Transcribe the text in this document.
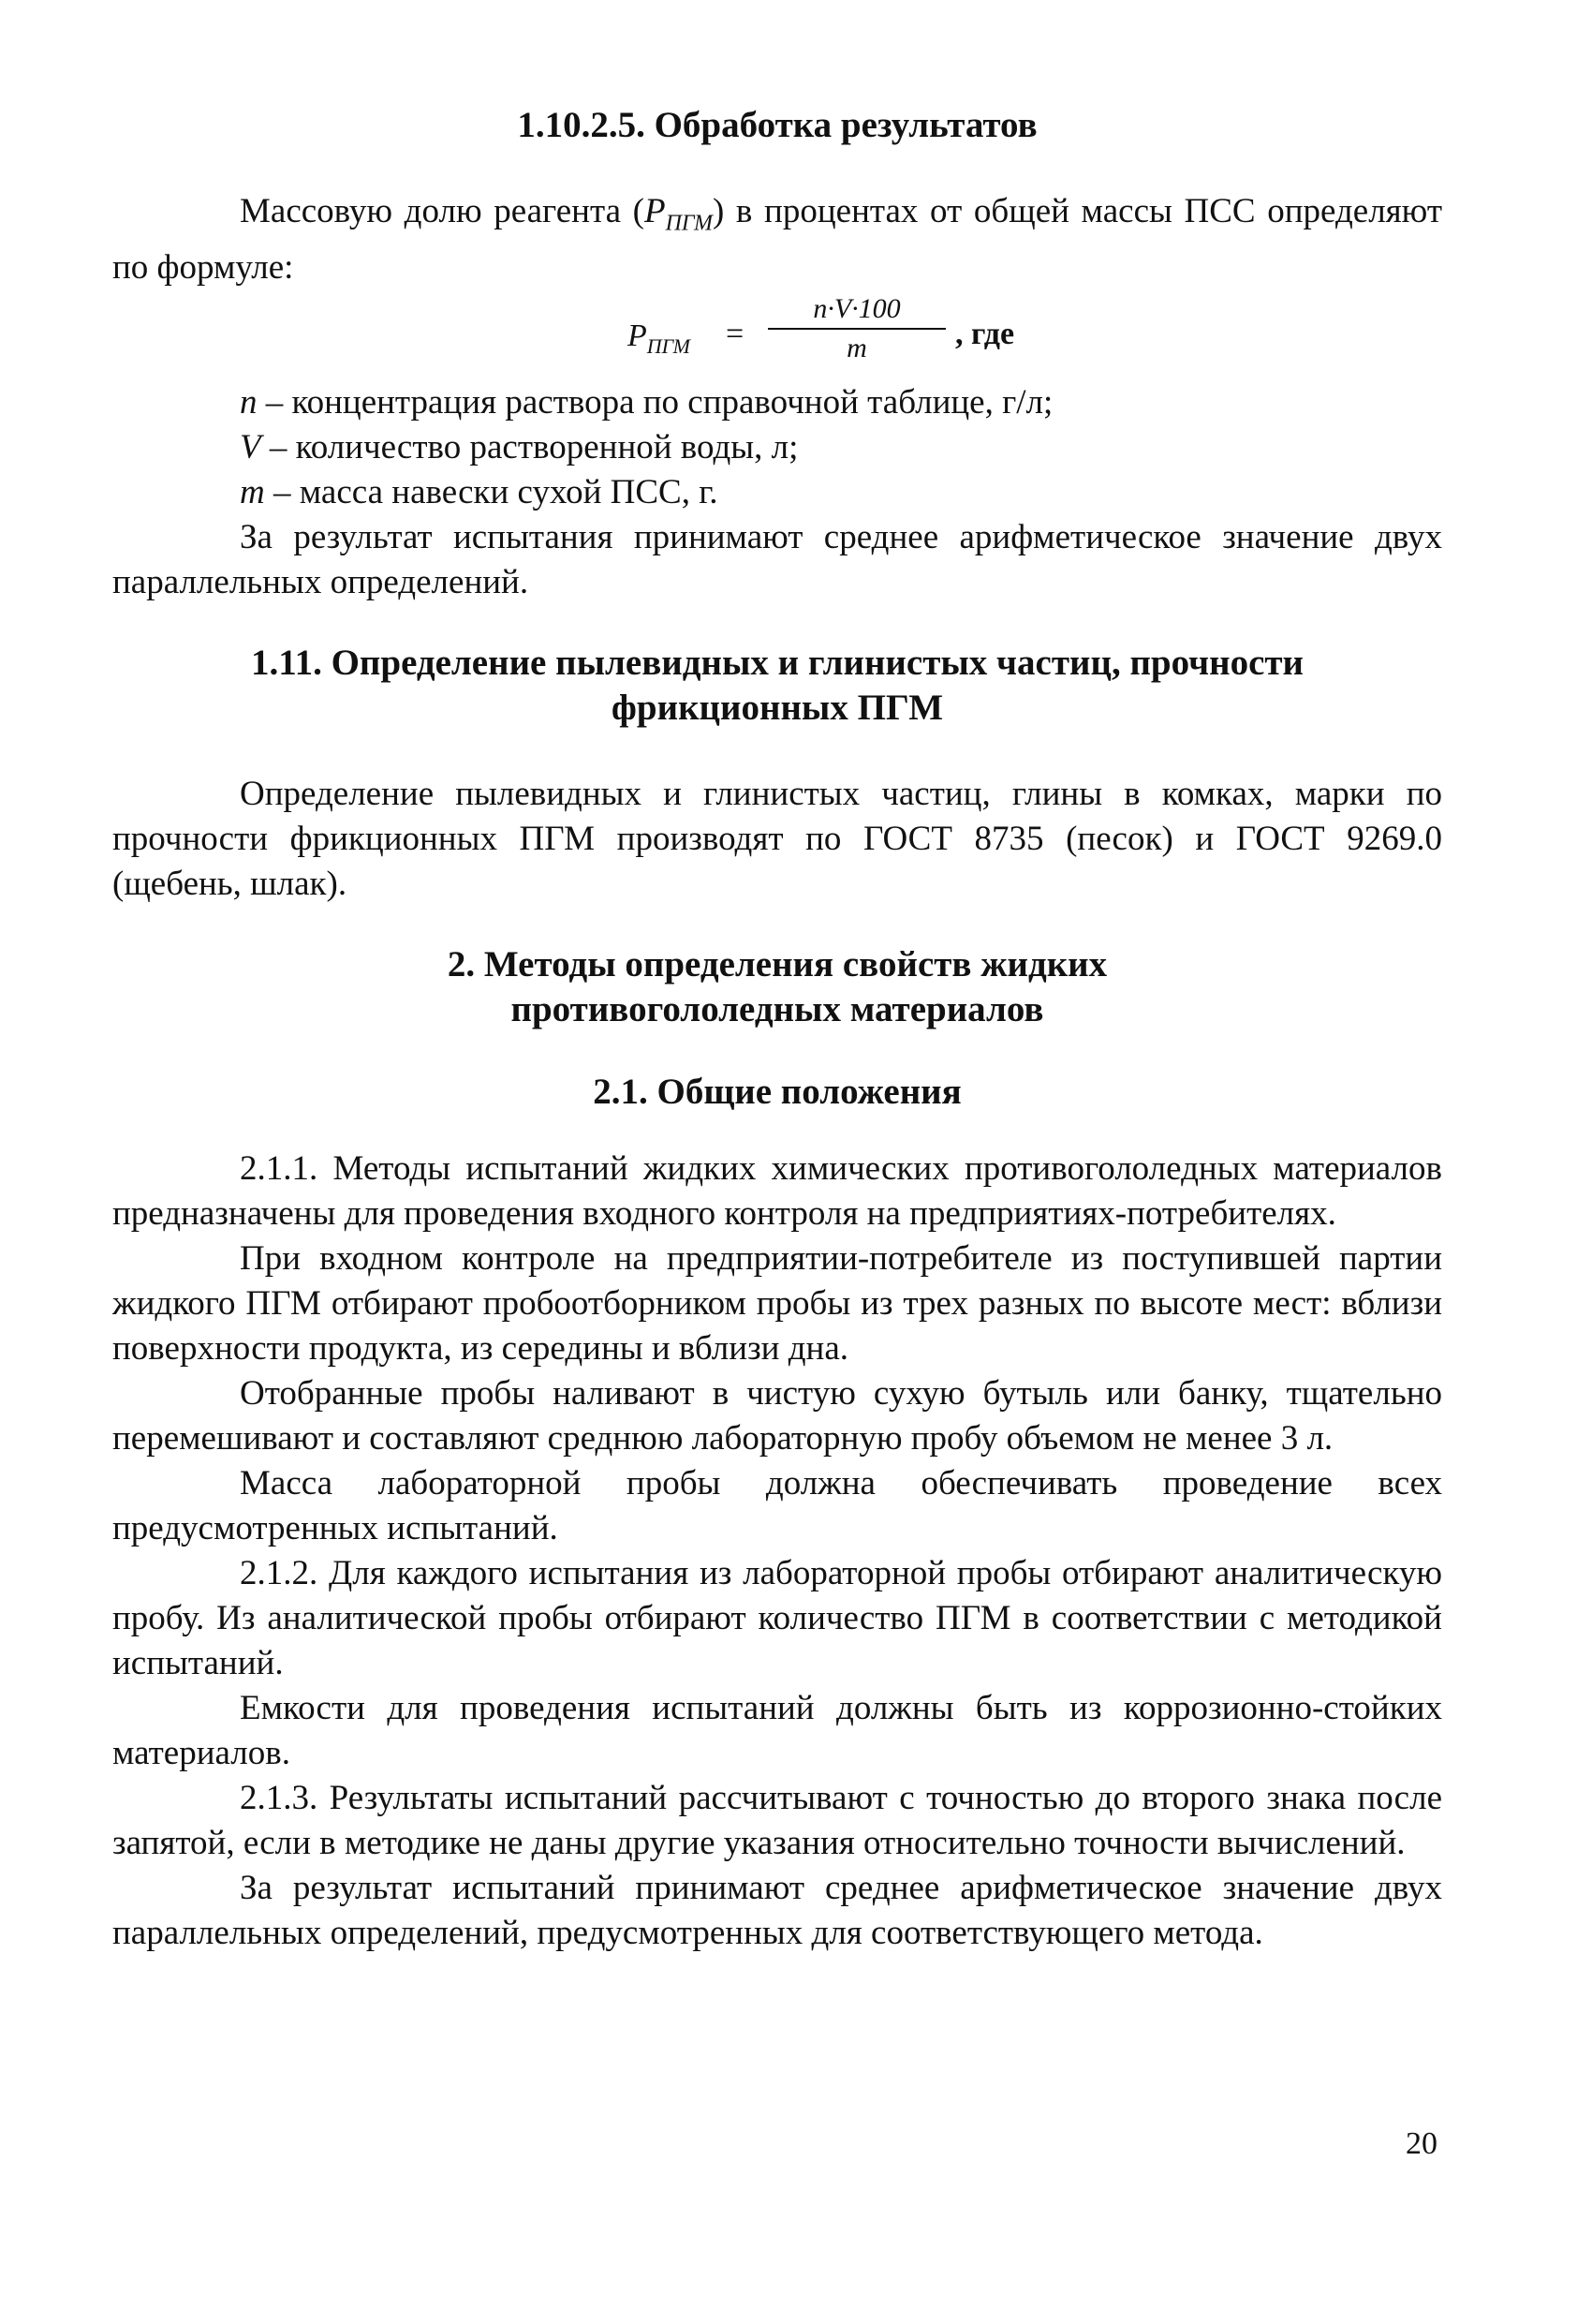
1.10.2.5. Обработка результатов

Массовую долю реагента $(Р_{ПГМ})$ в процентах от общей массы ПСС определяют по формуле:

$Р_{ПГМ} = \frac{n\cdot V\cdot 100}{m}$ , где

n – концентрация раствора по справочной таблице, г/л;

V – количество растворенной воды, л;

m – масса навески сухой ПСС, г.

За результат испытания принимают среднее арифметическое значение двух параллельных определений.

1.11. Определение пылевидных и глинистых частиц, прочности
фрикционных ПГМ

Определение пылевидных и глинистых частиц, глины в комках, марки по прочности фрикционных ПГМ производят по ГОСТ 8735 (песок) и ГОСТ 9269.0 (щебень, шлак).

2. Методы определения свойств жидких
противогололедных материалов
2.1. Общие положения

2.1.1. Методы испытаний жидких химических противогололедных материалов предназначены для проведения входного контроля на предприятиях-потребителях.

При входном контроле на предприятии-потребителе из поступившей партии жидкого ПГМ отбирают пробоотборником пробы из трех разных по высоте мест: вблизи поверхности продукта, из середины и вблизи дна.

Отобранные пробы наливают в чистую сухую бутыль или банку, тщательно перемешивают и составляют среднюю лабораторную пробу объемом не менее 3 л.

Масса лабораторной пробы должна обеспечивать проведение всех предусмотренных испытаний.

2.1.2. Для каждого испытания из лабораторной пробы отбирают аналитическую пробу. Из аналитической пробы отбирают количество ПГМ в соответствии с методикой испытаний.

Емкости для проведения испытаний должны быть из коррозионно-стойких материалов.

2.1.3. Результаты испытаний рассчитывают с точностью до второго знака после запятой, если в методике не даны другие указания относительно точности вычислений.

За результат испытаний принимают среднее арифметическое значение двух параллельных определений, предусмотренных для соответствующего метода.

20
